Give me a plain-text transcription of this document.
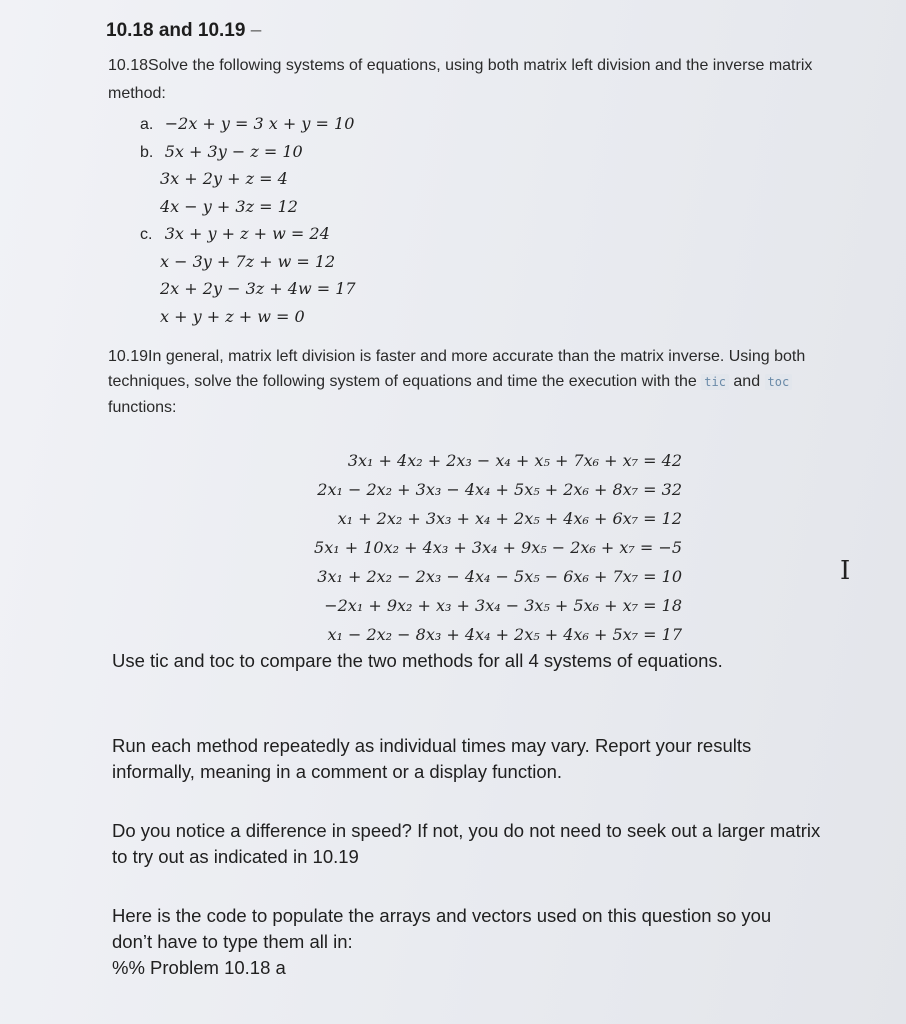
10.18 and 10.19 –
10.18Solve the following systems of equations, using both matrix left division and the inverse matrix method:
a. −2x + y = 3 x + y = 10
b. 5x + 3y − z = 10
3x + 2y + z = 4
4x − y + 3z = 12
c. 3x + y + z + w = 24
x − 3y + 7z + w = 12
2x + 2y − 3z + 4w = 17
x + y + z + w = 0
10.19In general, matrix left division is faster and more accurate than the matrix inverse. Using both techniques, solve the following system of equations and time the execution with the tic and toc functions:
3x₁ + 4x₂ + 2x₃ − x₄ + x₅ + 7x₆ + x₇ = 42
2x₁ − 2x₂ + 3x₃ − 4x₄ + 5x₅ + 2x₆ + 8x₇ = 32
x₁ + 2x₂ + 3x₃ + x₄ + 2x₅ + 4x₆ + 6x₇ = 12
5x₁ + 10x₂ + 4x₃ + 3x₄ + 9x₅ − 2x₆ + x₇ = −5
3x₁ + 2x₂ − 2x₃ − 4x₄ − 5x₅ − 6x₆ + 7x₇ = 10
−2x₁ + 9x₂ + x₃ + 3x₄ − 3x₅ + 5x₆ + x₇ = 18
x₁ − 2x₂ − 8x₃ + 4x₄ + 2x₅ + 4x₆ + 5x₇ = 17
I
Use tic and toc to compare the two methods for all 4 systems of equations.
Run each method repeatedly as individual times may vary. Report your results informally, meaning in a comment or a display function.
Do you notice a difference in speed? If not, you do not need to seek out a larger matrix to try out as indicated in 10.19
Here is the code to populate the arrays and vectors used on this question so you don’t have to type them all in:
%% Problem 10.18 a
